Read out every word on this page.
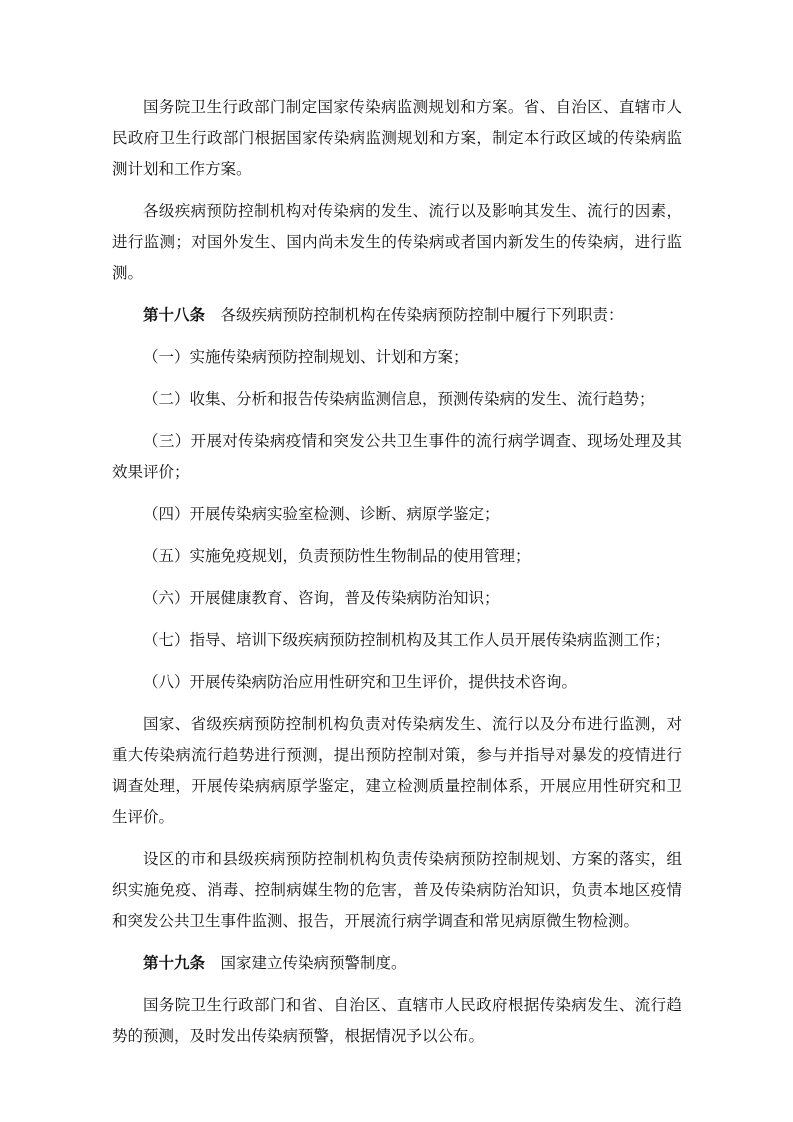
国务院卫生行政部门制定国家传染病监测规划和方案。省、自治区、直辖市人民政府卫生行政部门根据国家传染病监测规划和方案，制定本行政区域的传染病监测计划和工作方案。

各级疾病预防控制机构对传染病的发生、流行以及影响其发生、流行的因素，进行监测；对国外发生、国内尚未发生的传染病或者国内新发生的传染病，进行监测。

第十八条 各级疾病预防控制机构在传染病预防控制中履行下列职责：

（一）实施传染病预防控制规划、计划和方案；

（二）收集、分析和报告传染病监测信息，预测传染病的发生、流行趋势；

（三）开展对传染病疫情和突发公共卫生事件的流行病学调查、现场处理及其效果评价；

（四）开展传染病实验室检测、诊断、病原学鉴定；

（五）实施免疫规划，负责预防性生物制品的使用管理；

（六）开展健康教育、咨询，普及传染病防治知识；

（七）指导、培训下级疾病预防控制机构及其工作人员开展传染病监测工作；

（八）开展传染病防治应用性研究和卫生评价，提供技术咨询。

国家、省级疾病预防控制机构负责对传染病发生、流行以及分布进行监测，对重大传染病流行趋势进行预测，提出预防控制对策，参与并指导对暴发的疫情进行调查处理，开展传染病病原学鉴定，建立检测质量控制体系，开展应用性研究和卫生评价。

设区的市和县级疾病预防控制机构负责传染病预防控制规划、方案的落实，组织实施免疫、消毒、控制病媒生物的危害，普及传染病防治知识，负责本地区疫情和突发公共卫生事件监测、报告，开展流行病学调查和常见病原微生物检测。

第十九条 国家建立传染病预警制度。

国务院卫生行政部门和省、自治区、直辖市人民政府根据传染病发生、流行趋势的预测，及时发出传染病预警，根据情况予以公布。
